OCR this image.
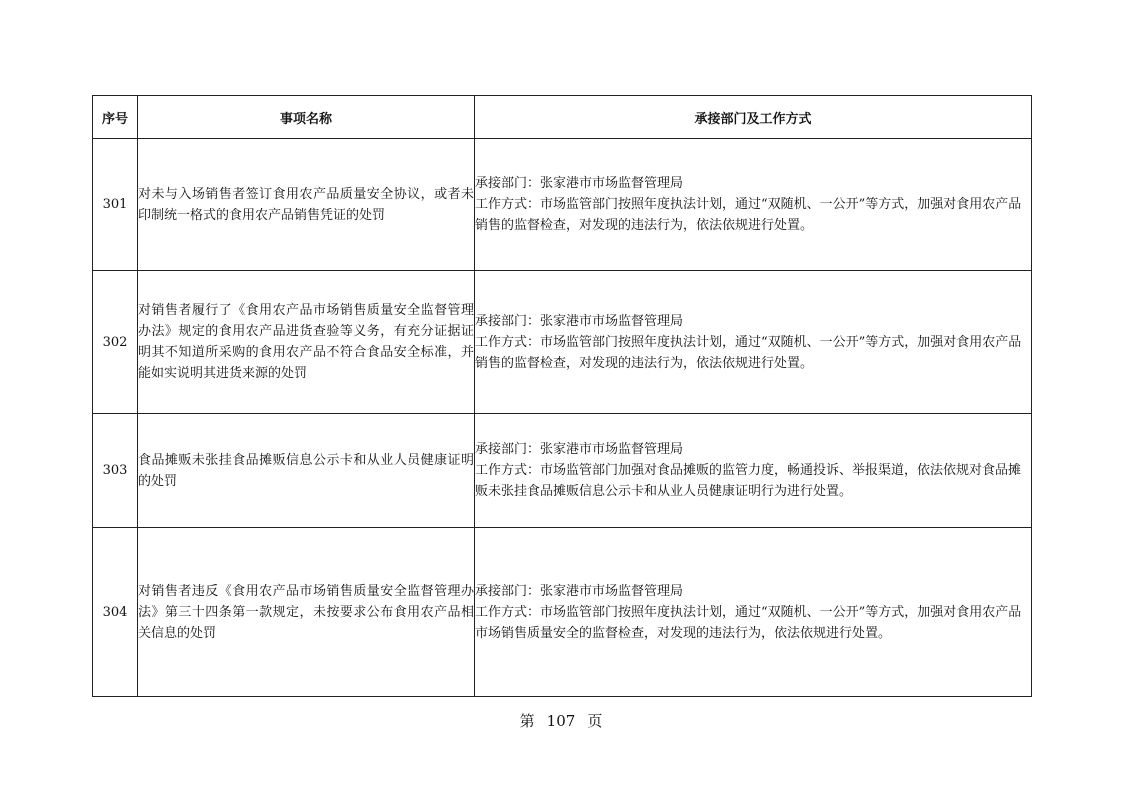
序号	事项名称	承接部门及工作方式
301	对未与入场销售者签订食用农产品质量安全协议，或者未印制统一格式的食用农产品销售凭证的处罚	承接部门：张家港市市场监督管理局
工作方式：市场监管部门按照年度执法计划，通过“双随机、一公开”等方式，加强对食用农产品销售的监督检查，对发现的违法行为，依法依规进行处置。

302	对销售者履行了《食用农产品市场销售质量安全监督管理办法》规定的食用农产品进货查验等义务，有充分证据证明其不知道所采购的食用农产品不符合食品安全标准，并能如实说明其进货来源的处罚	承接部门：张家港市市场监督管理局
工作方式：市场监管部门按照年度执法计划，通过“双随机、一公开”等方式，加强对食用农产品销售的监督检查，对发现的违法行为，依法依规进行处置。

303	食品摊贩未张挂食品摊贩信息公示卡和从业人员健康证明的处罚	承接部门：张家港市市场监督管理局
工作方式：市场监管部门加强对食品摊贩的监管力度，畅通投诉、举报渠道，依法依规对食品摊贩未张挂食品摊贩信息公示卡和从业人员健康证明行为进行处置。

304	对销售者违反《食用农产品市场销售质量安全监督管理办法》第三十四条第一款规定，未按要求公布食用农产品相关信息的处罚	承接部门：张家港市市场监督管理局
工作方式：市场监管部门按照年度执法计划，通过“双随机、一公开”等方式，加强对食用农产品市场销售质量安全的监督检查，对发现的违法行为，依法依规进行处置。
第 107 页
